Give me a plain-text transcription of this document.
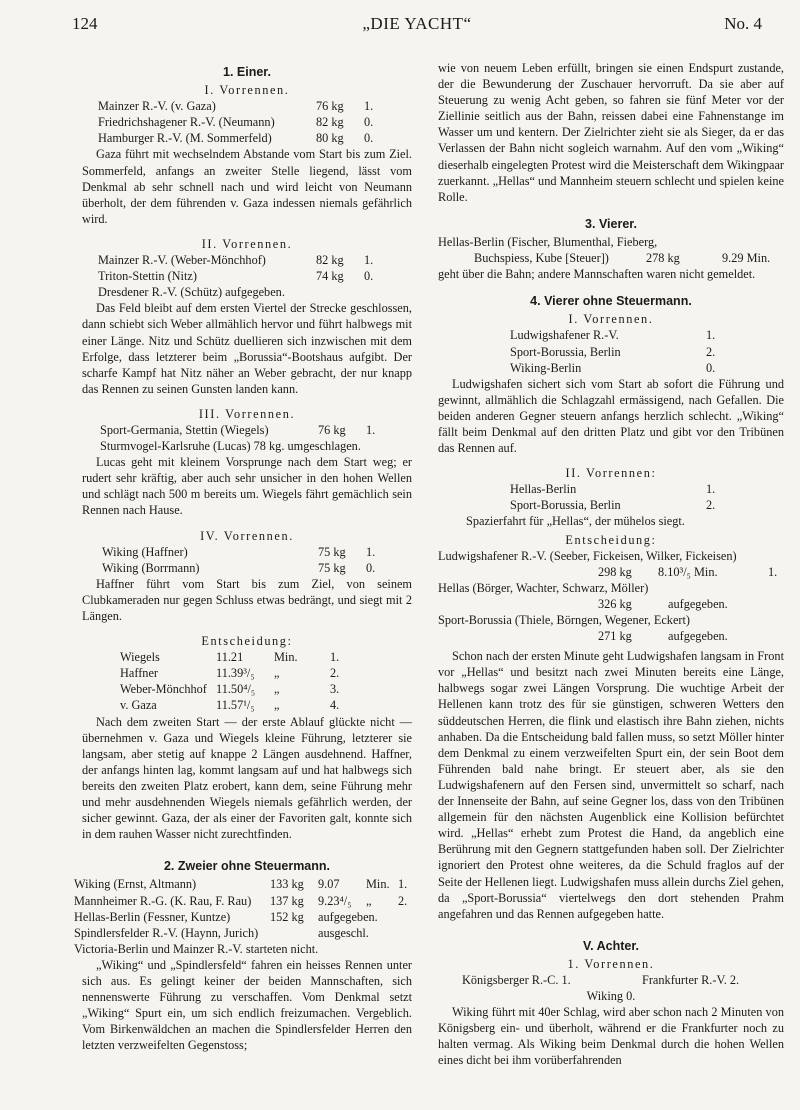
124	„DIE YACHT“	No. 4
1. Einer.
I. Vorrennen.
Mainzer R.-V. (v. Gaza)	76 kg	1.
Friedrichshagener R.-V. (Neumann)	82 kg	0.
Hamburger R.-V. (M. Sommerfeld)	80 kg	0.

Gaza führt mit wechselndem Abstande vom Start bis zum Ziel. Sommerfeld, anfangs an zweiter Stelle liegend, lässt vom Denkmal ab sehr schnell nach und wird leicht von Neumann überholt, der dem führenden v. Gaza indessen niemals gefährlich wird.

II. Vorrennen.
Mainzer R.-V. (Weber-Mönchhof)	82 kg	1.
Triton-Stettin (Nitz)	74 kg	0.
Dresdener R.-V. (Schütz) aufgegeben.

Das Feld bleibt auf dem ersten Viertel der Strecke geschlossen, dann schiebt sich Weber allmählich hervor und führt halbwegs mit einer Länge. Nitz und Schütz duellieren sich inzwischen mit dem Erfolge, dass letzterer beim „Borussia“-Bootshaus aufgibt. Der scharfe Kampf hat Nitz näher an Weber gebracht, der nur knapp das Rennen zu seinen Gunsten landen kann.

III. Vorrennen.
Sport-Germania, Stettin (Wiegels)	76 kg	1.
Sturmvogel-Karlsruhe (Lucas) 78 kg. umgeschlagen.

Lucas geht mit kleinem Vorsprunge nach dem Start weg; er rudert sehr kräftig, aber auch sehr unsicher in den hohen Wellen und schlägt nach 500 m bereits um. Wiegels fährt gemächlich sein Rennen nach Hause.

IV. Vorrennen.
Wiking (Haffner)	75 kg	1.
Wiking (Borrmann)	75 kg	0.

Haffner führt vom Start bis zum Ziel, von seinem Clubkameraden nur gegen Schluss etwas bedrängt, und siegt mit 2 Längen.

Entscheidung:
Wiegels	11.21	Min.	1.
Haffner	11.39³/₅	„	2.
Weber-Mönchhof	11.50⁴/₅	„	3.
v. Gaza	11.57¹/₅	„	4.

Nach dem zweiten Start — der erste Ablauf glückte nicht — übernehmen v. Gaza und Wiegels kleine Führung, letzterer sie langsam, aber stetig auf knappe 2 Längen ausdehnend. Haffner, der anfangs hinten lag, kommt langsam auf und hat halbwegs sich bereits den zweiten Platz erobert, kann dem, seine Führung mehr und mehr ausdehnenden Wiegels niemals gefährlich werden, der sicher gewinnt. Gaza, der als einer der Favoriten galt, konnte sich in dem rauhen Wasser nicht zurechtfinden.

2. Zweier ohne Steuermann.
Wiking (Ernst, Altmann)	133 kg	9.07	Min.	1.
Mannheimer R.-G. (K. Rau, F. Rau)	137 kg	9.23⁴/₅	„	2.
Hellas-Berlin (Fessner, Kuntze)	152 kg	aufgegeben.		
Spindlersfelder R.-V. (Haynn, Jurich)		ausgeschl.		
Victoria-Berlin und Mainzer R.-V. starteten nicht.

„Wiking“ und „Spindlersfeld“ fahren ein heisses Rennen unter sich aus. Es gelingt keiner der beiden Mannschaften, sich nennenswerte Führung zu verschaffen. Vom Denkmal setzt „Wiking“ Spurt ein, um sich endlich freizumachen. Vergeblich. Vom Birkenwäldchen an machen die Spindlersfelder Herren den letzten verzweifelten Gegenstoss;

wie von neuem Leben erfüllt, bringen sie einen Endspurt zustande, der die Bewunderung der Zuschauer hervorruft. Da sie aber auf Steuerung zu wenig Acht geben, so fahren sie fünf Meter vor der Ziellinie seitlich aus der Bahn, reissen dabei eine Fahnenstange im Wasser um und kentern. Der Zielrichter zieht sie als Sieger, da er das Verlassen der Bahn nicht sogleich warnahm. Auf den vom „Wiking“ dieserhalb eingelegten Protest wird die Meisterschaft dem Wikingpaar zuerkannt. „Hellas“ und Mannheim steuern schlecht und spielen keine Rolle.

3. Vierer.
Hellas-Berlin (Fischer, Blumenthal, Fieberg,
Buchspiess, Kube [Steuer])	278 kg	9.29 Min.

geht über die Bahn; andere Mannschaften waren nicht gemeldet.

4. Vierer ohne Steuermann.
I. Vorrennen.
Ludwigshafener R.-V.	1.
Sport-Borussia, Berlin	2.
Wiking-Berlin	0.

Ludwigshafen sichert sich vom Start ab sofort die Führung und gewinnt, allmählich die Schlagzahl ermässigend, nach Gefallen. Die beiden anderen Gegner steuern anfangs herzlich schlecht. „Wiking“ fällt beim Denkmal auf den dritten Platz und gibt vor den Tribünen das Rennen auf.

II. Vorrennen:
Hellas-Berlin	1.
Sport-Borussia, Berlin	2.
Spazierfahrt für „Hellas“, der mühelos siegt.
Entscheidung:
Ludwigshafener R.-V. (Seeber, Fickeisen, Wilker, Fickeisen)
298 kg	8.10³/₅ Min.	1.
Hellas (Börger, Wachter, Schwarz, Möller)
326 kg	aufgegeben.
Sport-Borussia (Thiele, Börngen, Wegener, Eckert)
271 kg	aufgegeben.

Schon nach der ersten Minute geht Ludwigshafen langsam in Front vor „Hellas“ und besitzt nach zwei Minuten bereits eine Länge, halbwegs sogar zwei Längen Vorsprung. Die wuchtige Arbeit der Hellenen kann trotz des für sie günstigen, schweren Wetters den süddeutschen Herren, die flink und elastisch ihre Bahn ziehen, nichts anhaben. Da die Entscheidung bald fallen muss, so setzt Möller hinter dem Denkmal zu einem verzweifelten Spurt ein, der sein Boot dem Führenden bald nahe bringt. Er steuert aber, als sie den Ludwigshafenern auf den Fersen sind, unvermittelt so scharf, nach der Innenseite der Bahn, auf seine Gegner los, dass von den Tribünen allgemein für den nächsten Augenblick eine Kollision befürchtet wird. „Hellas“ erhebt zum Protest die Hand, da angeblich eine Berührung mit den Gegnern stattgefunden haben soll. Der Zielrichter ignoriert den Protest ohne weiteres, da die Schuld fraglos auf der Seite der Hellenen liegt. Ludwigshafen muss allein durchs Ziel gehen, da „Sport-Borussia“ viertelwegs den dort stehenden Prahm angefahren und das Rennen aufgegeben hatte.

V. Achter.
1. Vorrennen.
Königsberger R.-C. 1.	Frankfurter R.-V. 2.
Wiking 0.

Wiking führt mit 40er Schlag, wird aber schon nach 2 Minuten von Königsberg ein- und überholt, während er die Frankfurter noch zu halten vermag. Als Wiking beim Denkmal durch die hohen Wellen eines dicht bei ihm vorüberfahrenden
